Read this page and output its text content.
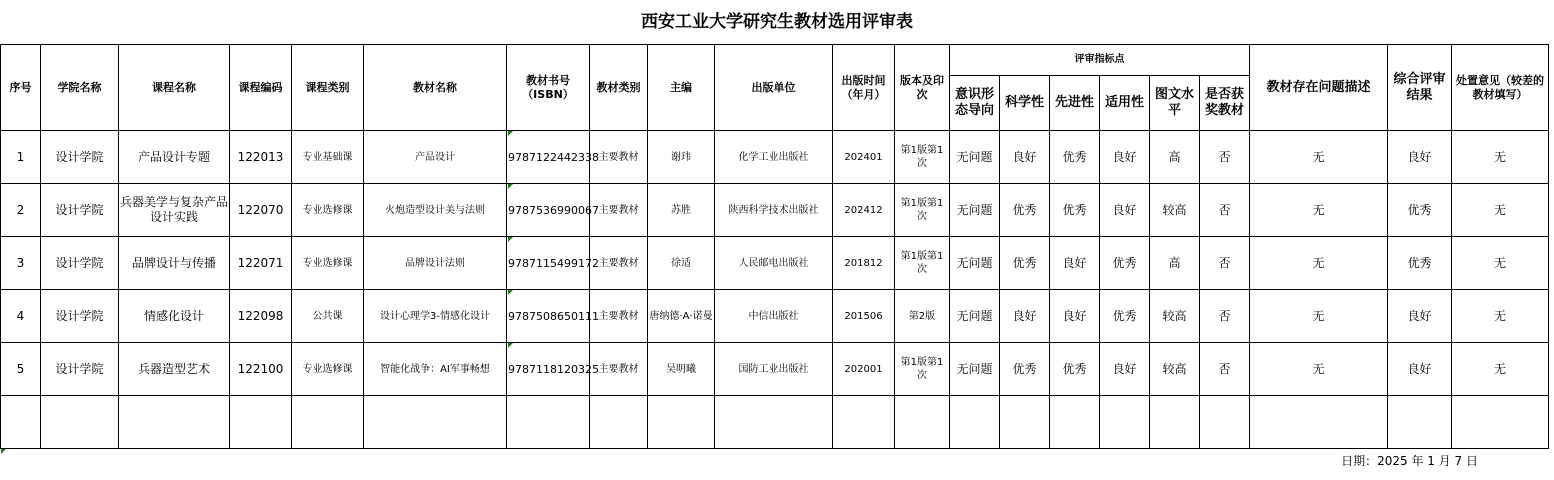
西安工业大学研究生教材选用评审表
序号	学院名称	课程名称	课程编码	课程类别	教材名称	教材书号（ISBN）	教材类别	主编	出版单位	出版时间（年月）	版本及印次	评审指标点						教材存在问题描述	综合评审结果	处置意见（较差的教材填写）
												意识形态导向	科学性	先进性	适用性	图文水平	是否获奖教材			
1	设计学院	产品设计专题	122013	专业基础课	产品设计	9787122442338	主要教材	谢玮	化学工业出版社	202401	第1版第1次	无问题	良好	优秀	良好	高	否	无	良好	无
2	设计学院	兵器美学与复杂产品设计实践	122070	专业选修课	火炮造型设计美与法则	9787536990067	主要教材	苏胜	陕西科学技术出版社	202412	第1版第1次	无问题	优秀	优秀	良好	较高	否	无	优秀	无
3	设计学院	品牌设计与传播	122071	专业选修课	品牌设计法则	9787115499172	主要教材	徐适	人民邮电出版社	201812	第1版第1次	无问题	优秀	良好	优秀	高	否	无	优秀	无
4	设计学院	情感化设计	122098	公共课	设计心理学3-情感化设计	9787508650111	主要教材	唐纳德·A·诺曼	中信出版社	201506	第2版	无问题	良好	良好	优秀	较高	否	无	良好	无
5	设计学院	兵器造型艺术	122100	专业选修课	智能化战争：AI军事畅想	9787118120325	主要教材	吴明曦	国防工业出版社	202001	第1版第1次	无问题	优秀	优秀	良好	较高	否	无	良好	无

日期：2025 年 1 月 7 日
